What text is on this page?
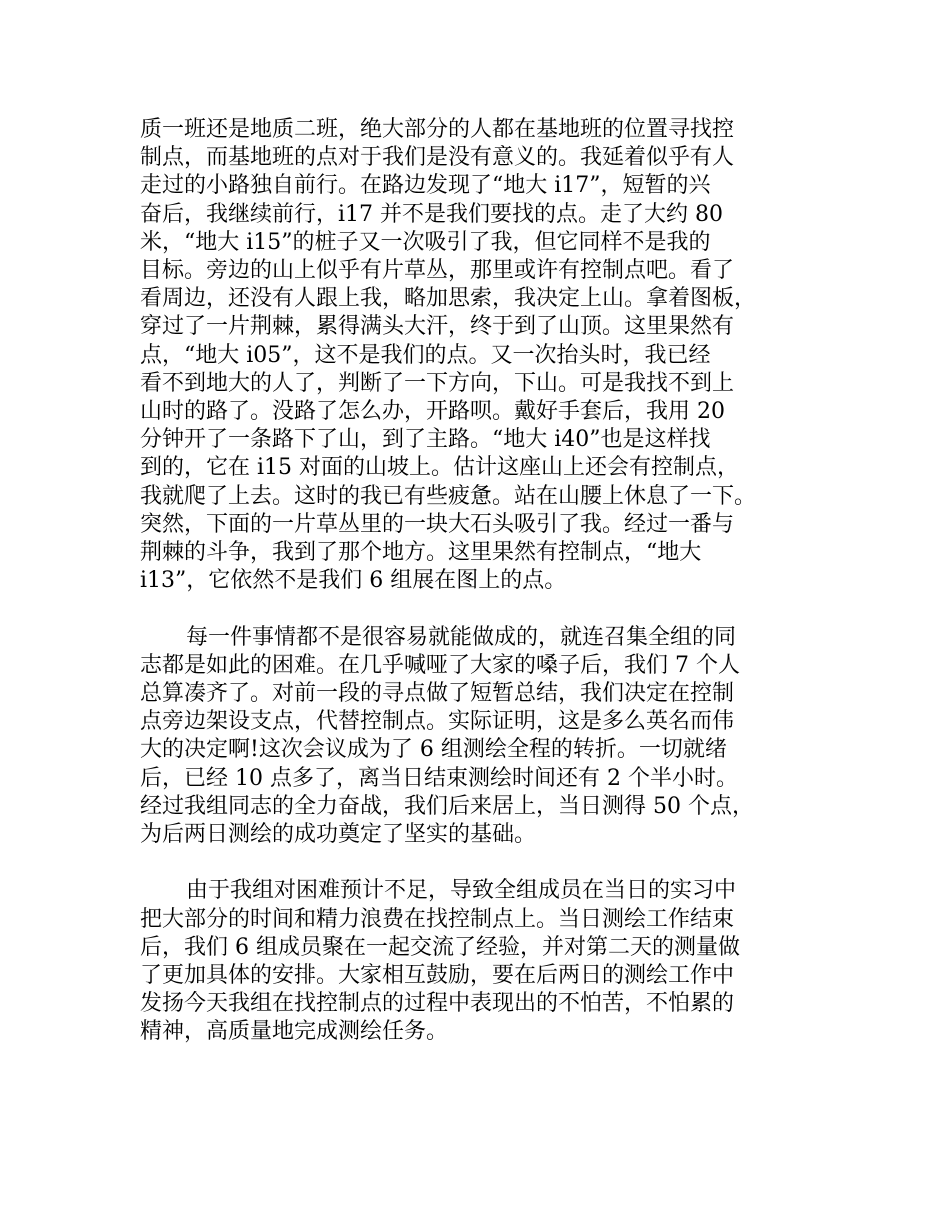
质一班还是地质二班，绝大部分的人都在基地班的位置寻找控
制点，而基地班的点对于我们是没有意义的。我延着似乎有人
走过的小路独自前行。在路边发现了“地大 i17”，短暂的兴
奋后，我继续前行，i17 并不是我们要找的点。走了大约 80
米，“地大 i15”的桩子又一次吸引了我，但它同样不是我的
目标。旁边的山上似乎有片草丛，那里或许有控制点吧。看了
看周边，还没有人跟上我，略加思索，我决定上山。拿着图板，
穿过了一片荆棘，累得满头大汗，终于到了山顶。这里果然有
点，“地大 i05”，这不是我们的点。又一次抬头时，我已经
看不到地大的人了，判断了一下方向，下山。可是我找不到上
山时的路了。没路了怎么办，开路呗。戴好手套后，我用 20
分钟开了一条路下了山，到了主路。“地大 i40”也是这样找
到的，它在 i15 对面的山坡上。估计这座山上还会有控制点，
我就爬了上去。这时的我已有些疲惫。站在山腰上休息了一下。
突然，下面的一片草丛里的一块大石头吸引了我。经过一番与
荆棘的斗争，我到了那个地方。这里果然有控制点，“地大
i13”，它依然不是我们 6 组展在图上的点。
每一件事情都不是很容易就能做成的，就连召集全组的同
志都是如此的困难。在几乎喊哑了大家的嗓子后，我们 7 个人
总算凑齐了。对前一段的寻点做了短暂总结，我们决定在控制
点旁边架设支点，代替控制点。实际证明，这是多么英名而伟
大的决定啊!这次会议成为了 6 组测绘全程的转折。一切就绪
后，已经 10 点多了，离当日结束测绘时间还有 2 个半小时。
经过我组同志的全力奋战，我们后来居上，当日测得 50 个点，
为后两日测绘的成功奠定了坚实的基础。
由于我组对困难预计不足，导致全组成员在当日的实习中
把大部分的时间和精力浪费在找控制点上。当日测绘工作结束
后，我们 6 组成员聚在一起交流了经验，并对第二天的测量做
了更加具体的安排。大家相互鼓励，要在后两日的测绘工作中
发扬今天我组在找控制点的过程中表现出的不怕苦，不怕累的
精神，高质量地完成测绘任务。
